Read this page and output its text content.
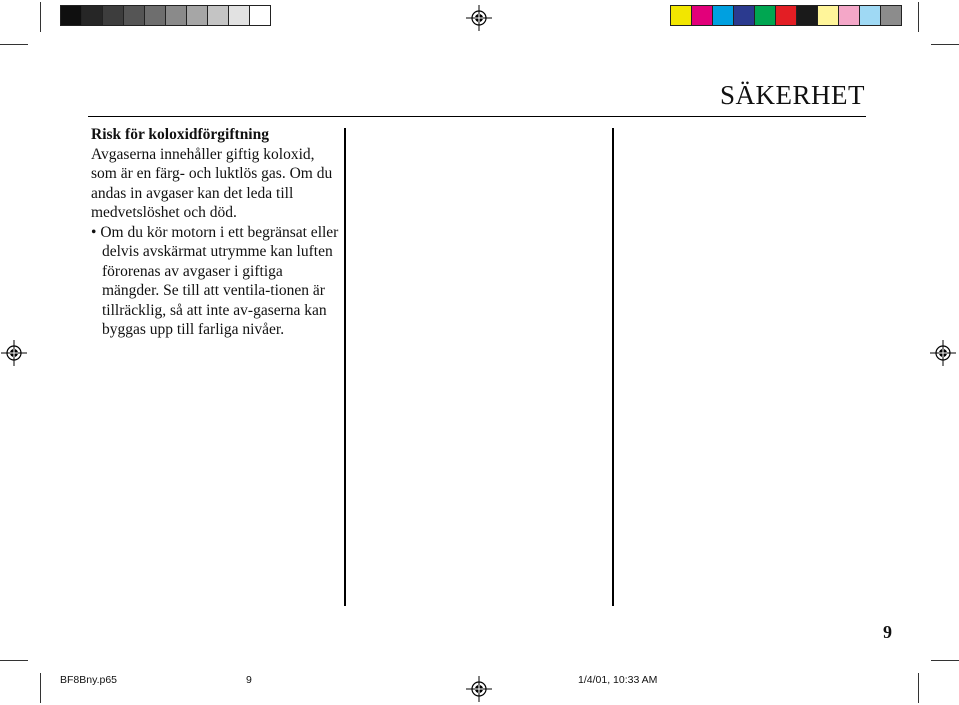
SÄKERHET
Risk för koloxidförgiftning
Avgaserna innehåller giftig koloxid, som är en färg- och luktlös gas. Om du andas in avgaser kan det leda till medvetslöshet och död.
• Om du kör motorn i ett begränsat eller delvis avskärmat utrymme kan luften förorenas av avgaser i giftiga mängder. Se till att ventila-tionen är tillräcklig, så att inte av-gaserna kan byggas upp till farliga nivåer.
9
BF8Bny.p65	9	1/4/01, 10:33 AM
